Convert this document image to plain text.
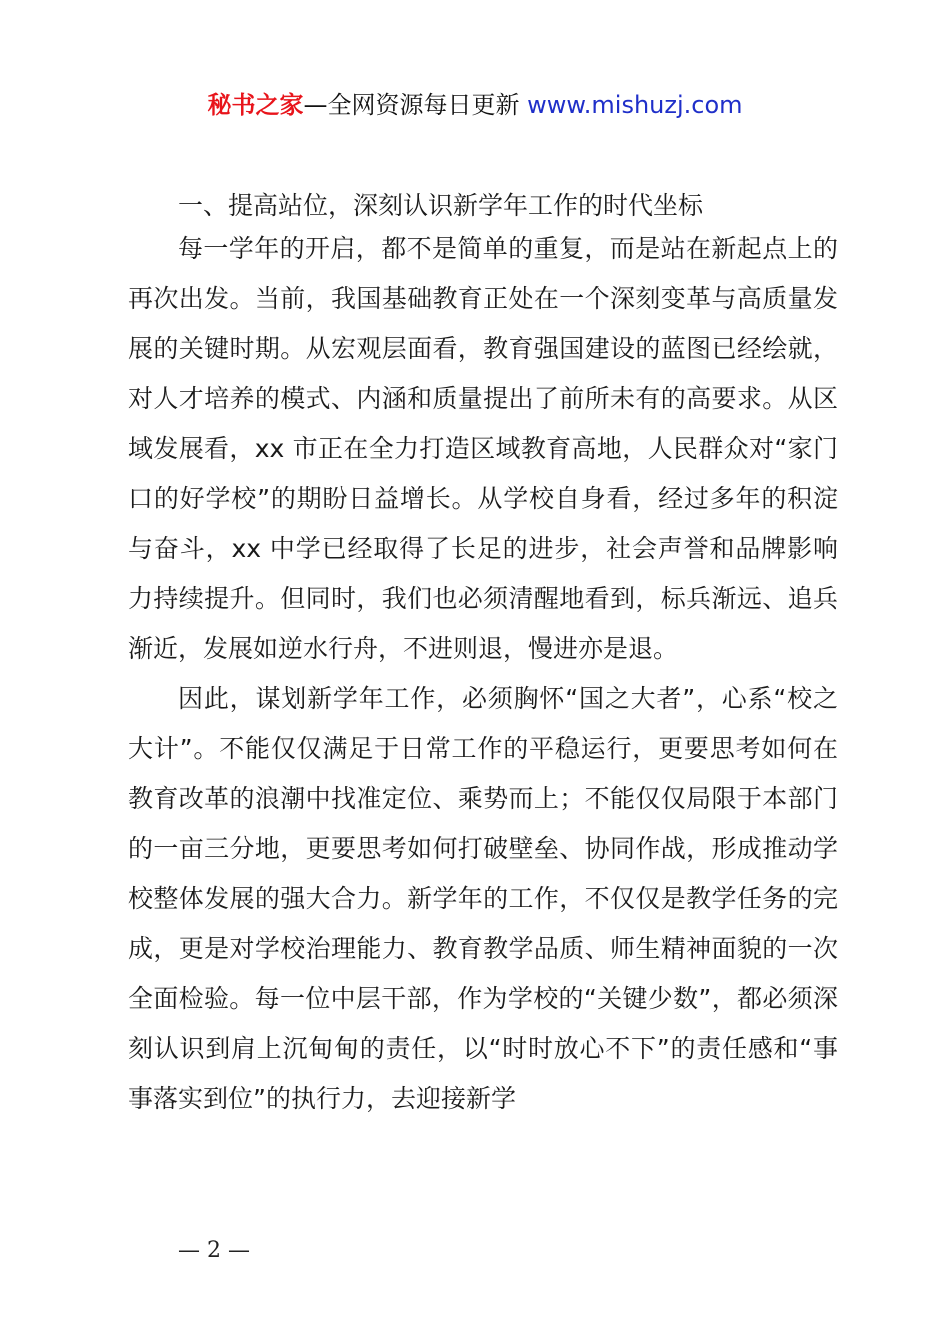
秘书之家—全网资源每日更新 www.mishuzj.com

一、提高站位，深刻认识新学年工作的时代坐标

每一学年的开启，都不是简单的重复，而是站在新起点上的再次出发。当前，我国基础教育正处在一个深刻变革与高质量发展的关键时期。从宏观层面看，教育强国建设的蓝图已经绘就，对人才培养的模式、内涵和质量提出了前所未有的高要求。从区域发展看，xx 市正在全力打造区域教育高地，人民群众对“家门口的好学校”的期盼日益增长。从学校自身看，经过多年的积淀与奋斗，xx 中学已经取得了长足的进步，社会声誉和品牌影响力持续提升。但同时，我们也必须清醒地看到，标兵渐远、追兵渐近，发展如逆水行舟，不进则退，慢进亦是退。

因此，谋划新学年工作，必须胸怀“国之大者”，心系“校之大计”。不能仅仅满足于日常工作的平稳运行，更要思考如何在教育改革的浪潮中找准定位、乘势而上；不能仅仅局限于本部门的一亩三分地，更要思考如何打破壁垒、协同作战，形成推动学校整体发展的强大合力。新学年的工作，不仅仅是教学任务的完成，更是对学校治理能力、教育教学品质、师生精神面貌的一次全面检验。每一位中层干部，作为学校的“关键少数”，都必须深刻认识到肩上沉甸甸的责任，以“时时放心不下”的责任感和“事事落实到位”的执行力，去迎接新学

— 2 —
